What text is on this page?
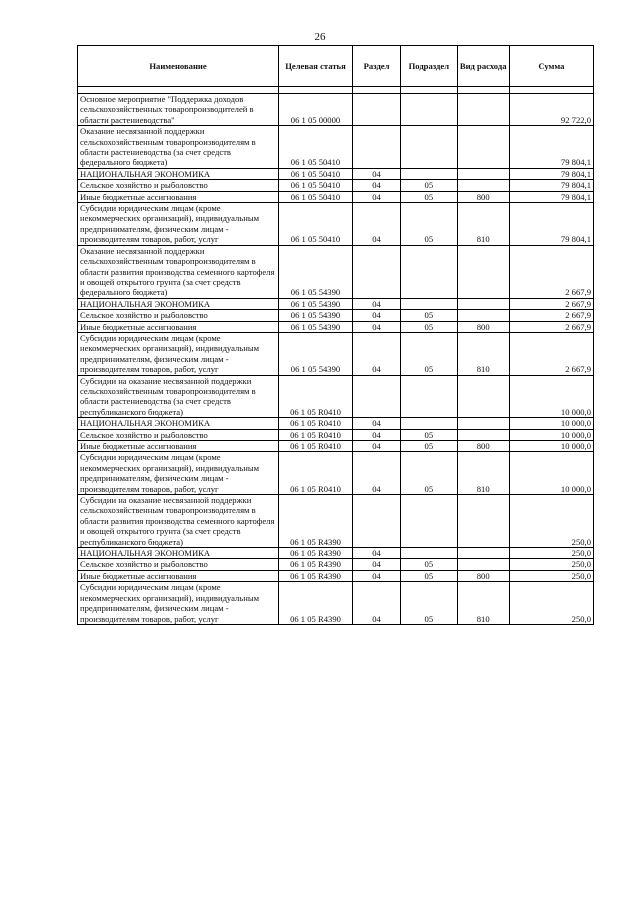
26
Наименование	Целевая статья	Раздел	Подраздел	Вид расхода	Сумма

Основное мероприятие "Поддержка доходов сельскохозяйственных товаропроизводителей в области растениеводства"	06 1 05 00000				92 722,0
Оказание несвязанной поддержки сельскохозяйственным товаропроизводителям в области растениеводства (за счет средств федерального бюджета)	06 1 05 50410				79 804,1
НАЦИОНАЛЬНАЯ ЭКОНОМИКА	06 1 05 50410	04			79 804,1
Сельское хозяйство и рыболовство	06 1 05 50410	04	05		79 804,1
Иные бюджетные ассигнования	06 1 05 50410	04	05	800	79 804,1
Субсидии юридическим лицам (кроме некоммерческих организаций), индивидуальным предпринимателям, физическим лицам - производителям товаров, работ, услуг	06 1 05 50410	04	05	810	79 804,1
Оказание несвязанной поддержки сельскохозяйственным товаропроизводителям в области развития производства семенного картофеля и овощей открытого грунта (за счет средств федерального бюджета)	06 1 05 54390				2 667,9
НАЦИОНАЛЬНАЯ ЭКОНОМИКА	06 1 05 54390	04			2 667,9
Сельское хозяйство и рыболовство	06 1 05 54390	04	05		2 667,9
Иные бюджетные ассигнования	06 1 05 54390	04	05	800	2 667,9
Субсидии юридическим лицам (кроме некоммерческих организаций), индивидуальным предпринимателям, физическим лицам - производителям товаров, работ, услуг	06 1 05 54390	04	05	810	2 667,9
Субсидии на оказание несвязанной поддержки сельскохозяйственным товаропроизводителям в области растениеводства (за счет средств республиканского бюджета)	06 1 05 R0410				10 000,0
НАЦИОНАЛЬНАЯ ЭКОНОМИКА	06 1 05 R0410	04			10 000,0
Сельское хозяйство и рыболовство	06 1 05 R0410	04	05		10 000,0
Иные бюджетные ассигнования	06 1 05 R0410	04	05	800	10 000,0
Субсидии юридическим лицам (кроме некоммерческих организаций), индивидуальным предпринимателям, физическим лицам - производителям товаров, работ, услуг	06 1 05 R0410	04	05	810	10 000,0
Субсидии на оказание несвязанной поддержки сельскохозяйственным товаропроизводителям в области развития производства семенного картофеля и овощей открытого грунта (за счет средств республиканского бюджета)	06 1 05 R4390				250,0
НАЦИОНАЛЬНАЯ ЭКОНОМИКА	06 1 05 R4390	04			250,0
Сельское хозяйство и рыболовство	06 1 05 R4390	04	05		250,0
Иные бюджетные ассигнования	06 1 05 R4390	04	05	800	250,0
Субсидии юридическим лицам (кроме некоммерческих организаций), индивидуальным предпринимателям, физическим лицам - производителям товаров, работ, услуг	06 1 05 R4390	04	05	810	250,0
